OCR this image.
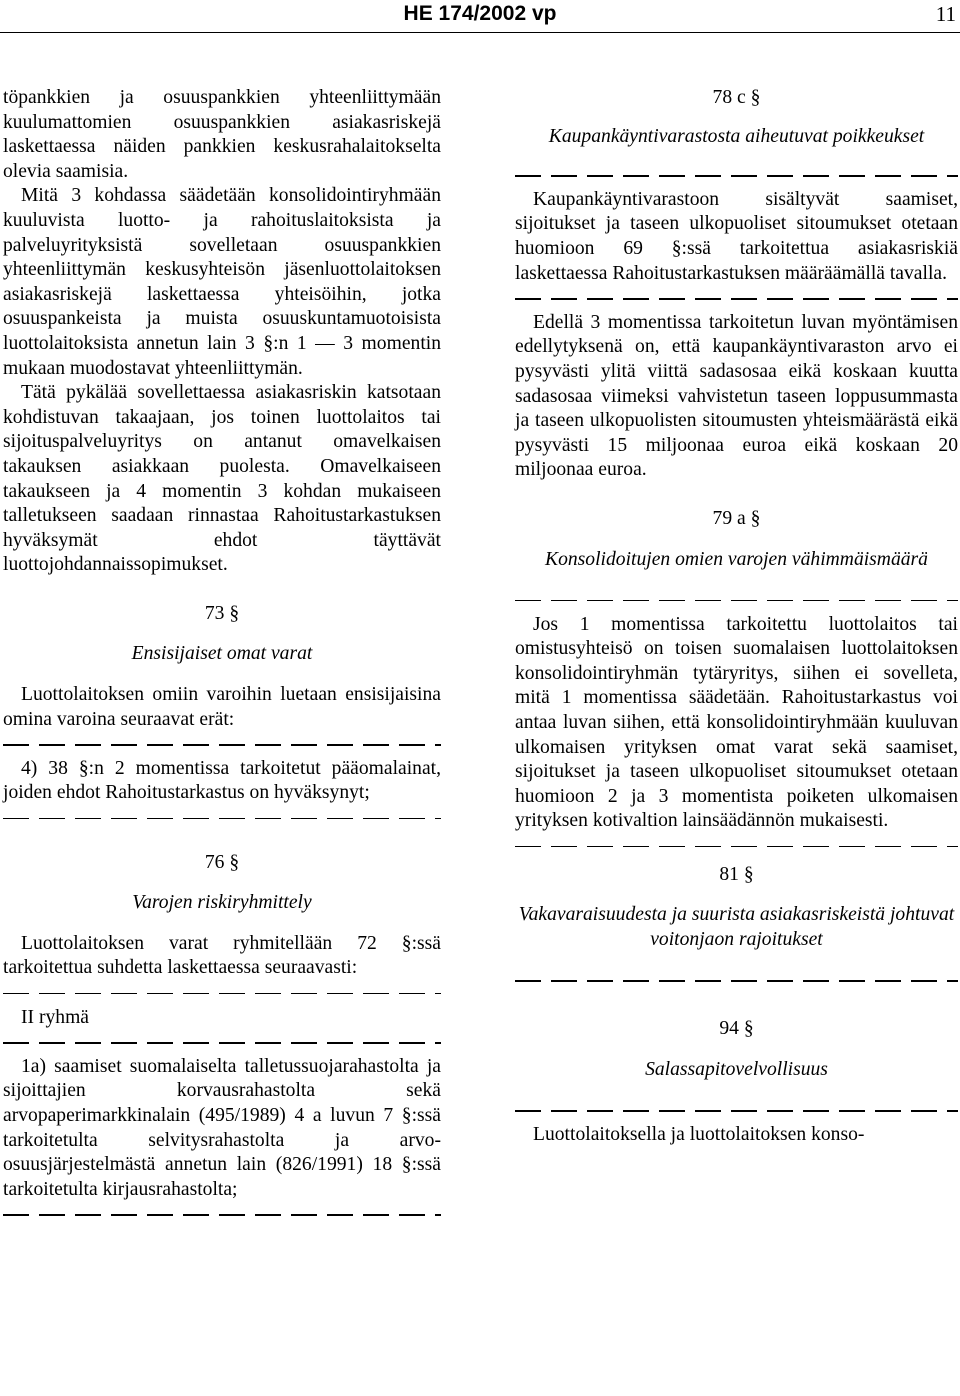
HE 174/2002 vp	11

töpankkien ja osuuspankkien yhteenliittymään kuulumattomien osuuspankkien asiakasriskejä laskettaessa näiden pankkien keskusrahalaitokselta olevia saamisia.

Mitä 3 kohdassa säädetään konsolidointiryhmään kuuluvista luotto- ja rahoituslaitoksista ja palveluyrityksistä sovelletaan osuuspankkien yhteenliittymän keskusyhteisön jäsenluottolaitoksen asiakasriskejä laskettaessa yhteisöihin, jotka osuuspankeista ja muista osuuskuntamuotoisista luottolaitoksista annetun lain 3 §:n 1 — 3 momentin mukaan muodostavat yhteenliittymän.

Tätä pykälää sovellettaessa asiakasriskin katsotaan kohdistuvan takaajaan, jos toinen luottolaitos tai sijoituspalveluyritys on antanut omavelkaisen takauksen asiakkaan puolesta. Omavelkaiseen takaukseen ja 4 momentin 3 kohdan mukaiseen talletukseen saadaan rinnastaa Rahoitustarkastuksen hyväksymät ehdot täyttävät luottojohdannaissopimukset.

73 §

Ensisijaiset omat varat

Luottolaitoksen omiin varoihin luetaan ensisijaisina omina varoina seuraavat erät:

4) 38 §:n 2 momentissa tarkoitetut pääomalainat, joiden ehdot Rahoitustarkastus on hyväksynyt;

76 §

Varojen riskiryhmittely

Luottolaitoksen varat ryhmitellään 72 §:ssä tarkoitettua suhdetta laskettaessa seuraavasti:

II ryhmä

1a) saamiset suomalaiselta talletussuojarahastolta ja sijoittajien korvausrahastolta sekä arvopaperimarkkinalain (495/1989) 4 a luvun 7 §:ssä tarkoitetulta selvitysrahastolta ja arvo-osuusjärjestelmästä annetun lain (826/1991) 18 §:ssä tarkoitetulta kirjausrahastolta;

78 c §

Kaupankäyntivarastosta aiheutuvat poikkeukset

Kaupankäyntivarastoon sisältyvät saamiset, sijoitukset ja taseen ulkopuoliset sitoumukset otetaan huomioon 69 §:ssä tarkoitettua asiakasriskiä laskettaessa Rahoitustarkastuksen määräämällä tavalla.

Edellä 3 momentissa tarkoitetun luvan myöntämisen edellytyksenä on, että kaupankäyntivaraston arvo ei pysyvästi ylitä viittä sadasosaa eikä koskaan kuutta sadasosaa viimeksi vahvistetun taseen loppusummasta ja taseen ulkopuolisten sitoumusten yhteismäärästä eikä pysyvästi 15 miljoonaa euroa eikä koskaan 20 miljoonaa euroa.

79 a §

Konsolidoitujen omien varojen vähimmäismäärä

Jos 1 momentissa tarkoitettu luottolaitos tai omistusyhteisö on toisen suomalaisen luottolaitoksen konsolidointiryhmän tytäryritys, siihen ei sovelleta, mitä 1 momentissa säädetään. Rahoitustarkastus voi antaa luvan siihen, että konsolidointiryhmään kuuluvan ulkomaisen yrityksen omat varat sekä saamiset, sijoitukset ja taseen ulkopuoliset sitoumukset otetaan huomioon 2 ja 3 momentista poiketen ulkomaisen yrityksen kotivaltion lainsäädännön mukaisesti.

81 §

Vakavaraisuudesta ja suurista asiakasriskeistä johtuvat voitonjaon rajoitukset

94 §

Salassapitovelvollisuus

Luottolaitoksella ja luottolaitoksen konso-
